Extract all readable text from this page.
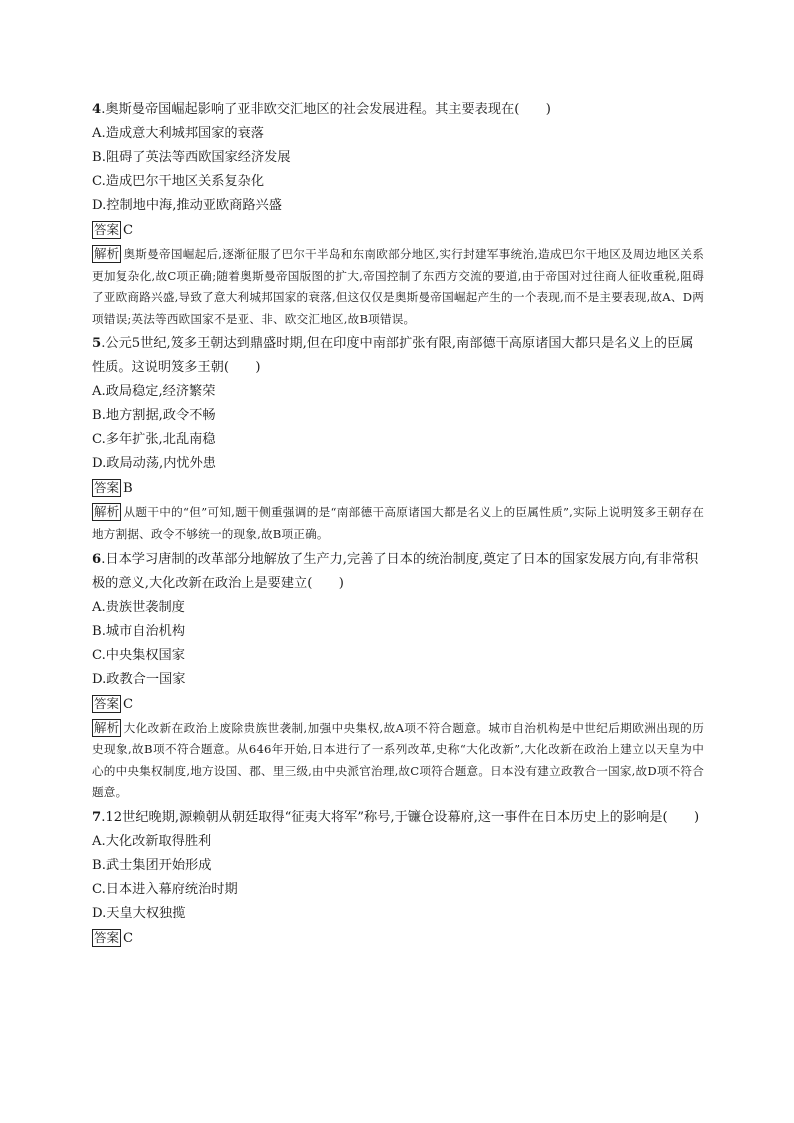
4.奥斯曼帝国崛起影响了亚非欧交汇地区的社会发展进程。其主要表现在(　　)

A.造成意大利城邦国家的衰落

B.阻碍了英法等西欧国家经济发展

C.造成巴尔干地区关系复杂化

D.控制地中海,推动亚欧商路兴盛

答案 C

解析 奥斯曼帝国崛起后,逐渐征服了巴尔干半岛和东南欧部分地区,实行封建军事统治,造成巴尔干地区及周边地区关系更加复杂化,故C项正确;随着奥斯曼帝国版图的扩大,帝国控制了东西方交流的要道,由于帝国对过往商人征收重税,阻碍了亚欧商路兴盛,导致了意大利城邦国家的衰落,但这仅仅是奥斯曼帝国崛起产生的一个表现,而不是主要表现,故A、D两项错误;英法等西欧国家不是亚、非、欧交汇地区,故B项错误。

5.公元5世纪,笈多王朝达到鼎盛时期,但在印度中南部扩张有限,南部德干高原诸国大都只是名义上的臣属性质。这说明笈多王朝(　　)

A.政局稳定,经济繁荣

B.地方割据,政令不畅

C.多年扩张,北乱南稳

D.政局动荡,内忧外患

答案 B

解析 从题干中的“但”可知,题干侧重强调的是“南部德干高原诸国大都是名义上的臣属性质”,实际上说明笈多王朝存在地方割据、政令不够统一的现象,故B项正确。

6.日本学习唐制的改革部分地解放了生产力,完善了日本的统治制度,奠定了日本的国家发展方向,有非常积极的意义,大化改新在政治上是要建立(　　)

A.贵族世袭制度

B.城市自治机构

C.中央集权国家

D.政教合一国家

答案 C

解析 大化改新在政治上废除贵族世袭制,加强中央集权,故A项不符合题意。城市自治机构是中世纪后期欧洲出现的历史现象,故B项不符合题意。从646年开始,日本进行了一系列改革,史称“大化改新”,大化改新在政治上建立以天皇为中心的中央集权制度,地方设国、郡、里三级,由中央派官治理,故C项符合题意。日本没有建立政教合一国家,故D项不符合题意。

7.12世纪晚期,源赖朝从朝廷取得“征夷大将军”称号,于镰仓设幕府,这一事件在日本历史上的影响是(　　)

A.大化改新取得胜利

B.武士集团开始形成

C.日本进入幕府统治时期

D.天皇大权独揽

答案 C
